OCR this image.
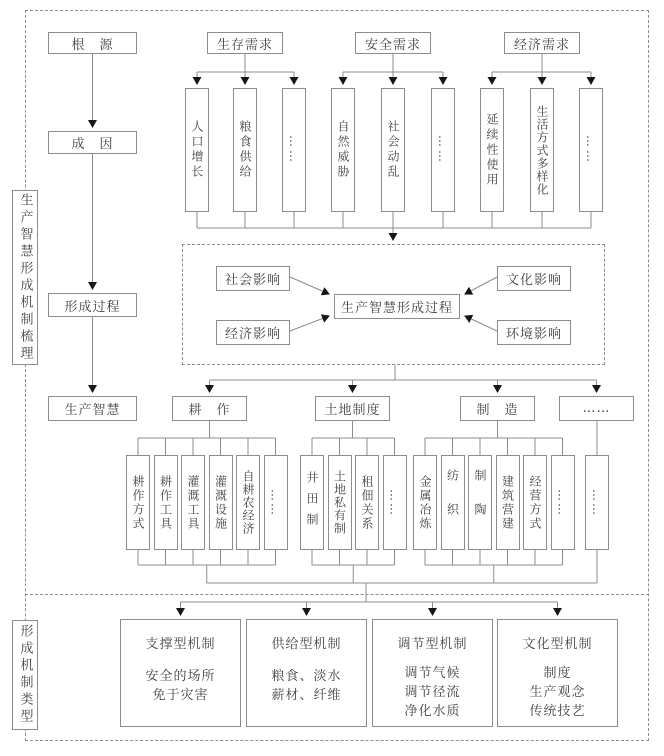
生产智慧形成机制梳理
形成机制类型
根　源
成　因
形成过程
生产智慧
生存需求	安全需求	经济需求
人口增长	粮食供给	……	自然威胁	社会动乱	……	延续性使用	生活方式多样化	……
社会影响	文化影响
生产智慧形成过程
经济影响	环境影响
耕　作	土地制度	制　造	……
耕作方式	耕作工具	灌溉工具	灌溉设施	自耕农经济	……	井田制	土地私有制	租佃关系	……	金属冶炼	纺织	制陶	建筑营建	经营方式	……	……
支撑型机制
安全的场所
免于灾害
供给型机制
粮食、淡水
薪材、纤维
调节型机制
调节气候
调节径流
净化水质
文化型机制
制度
生产观念
传统技艺
